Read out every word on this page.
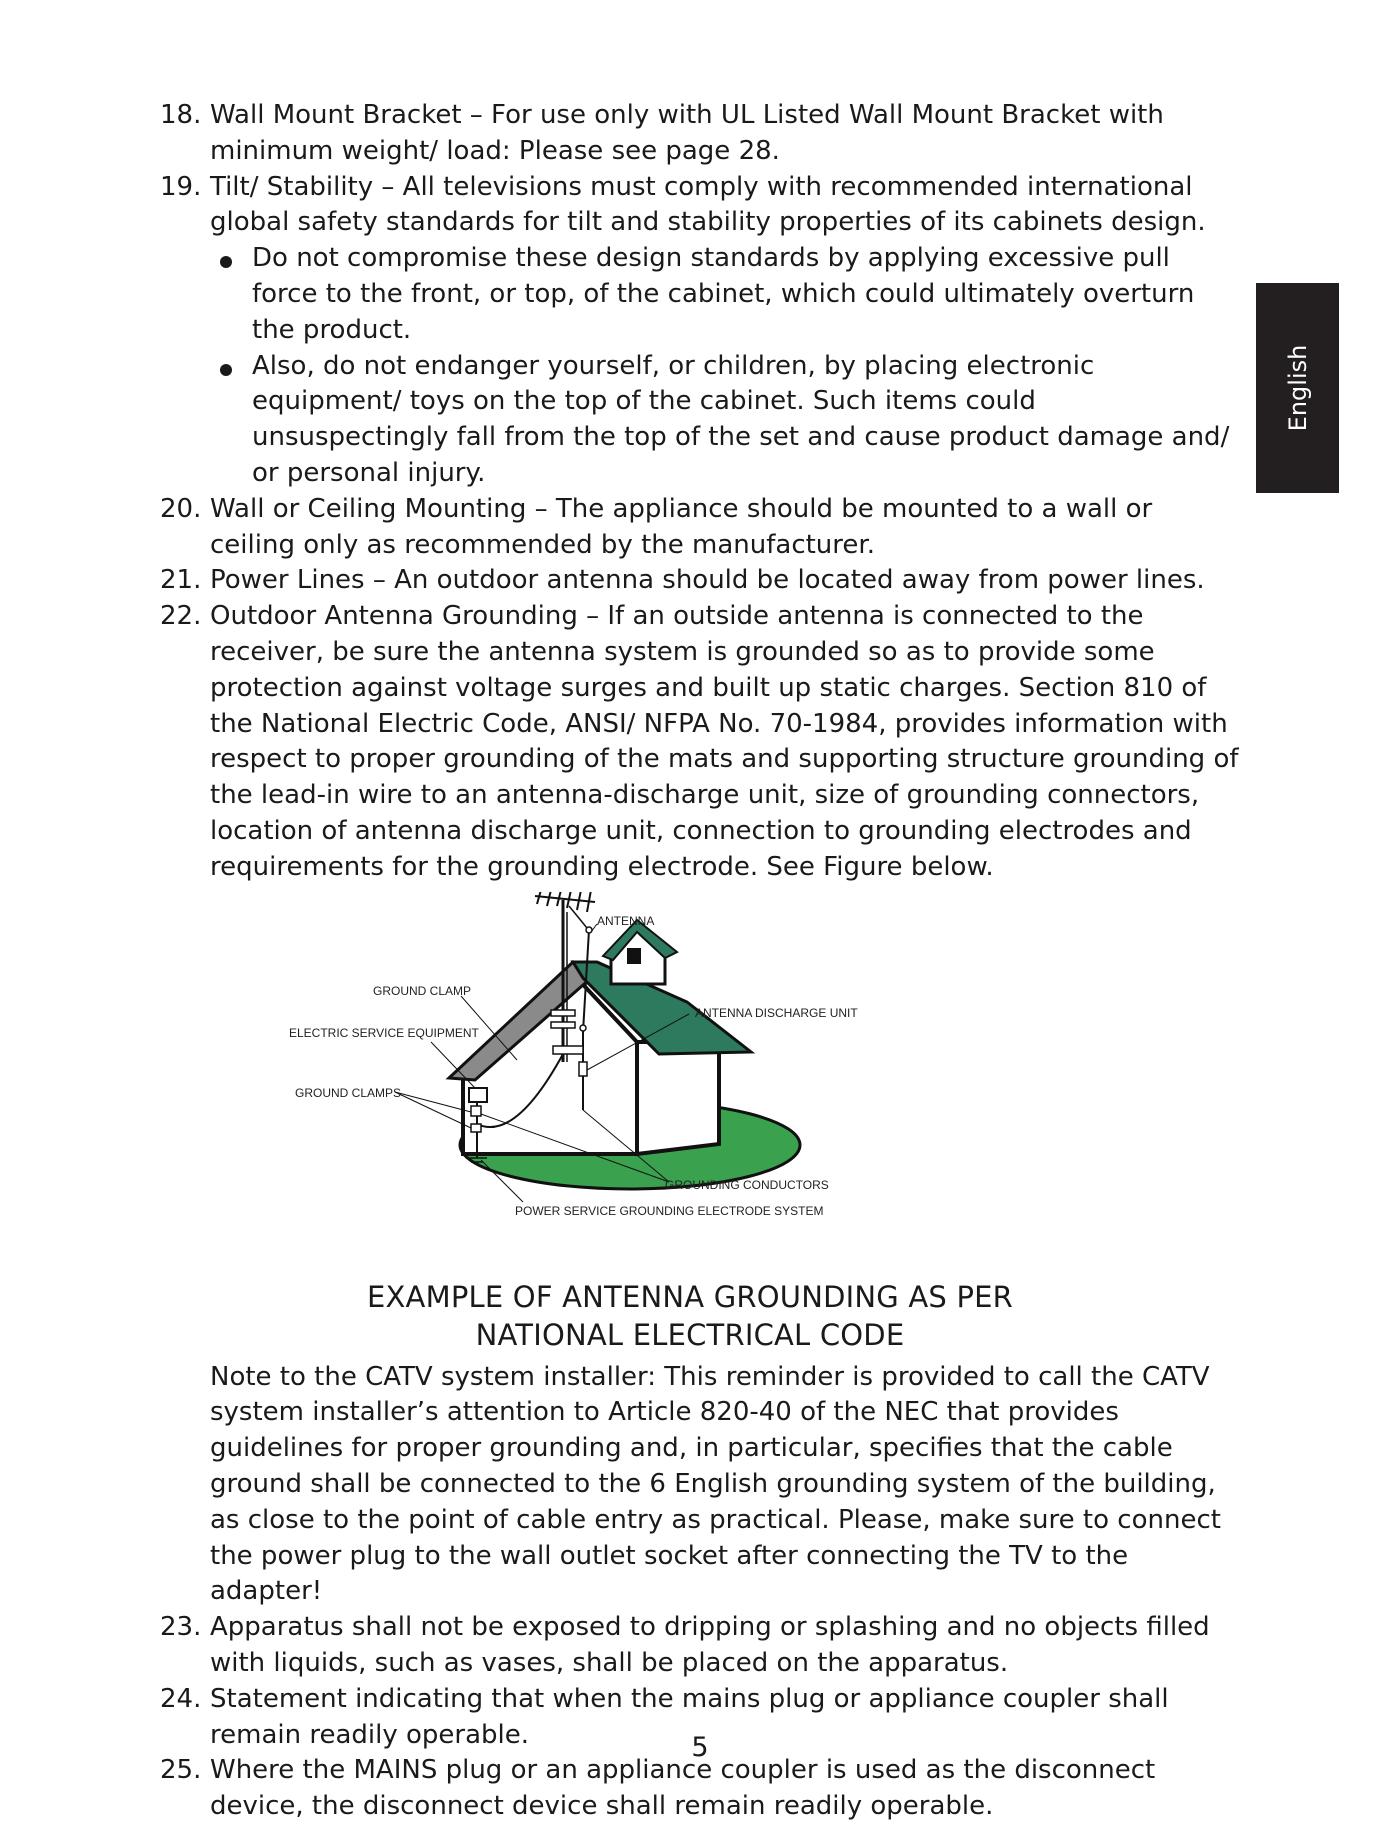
English
18. Wall Mount Bracket – For use only with UL Listed Wall Mount Bracket with minimum weight/ load: Please see page 28.
19. Tilt/ Stability – All televisions must comply with recommended international global safety standards for tilt and stability properties of its cabinets design.
Do not compromise these design standards by applying excessive pull force to the front, or top, of the cabinet, which could ultimately overturn the product.
Also, do not endanger yourself, or children, by placing electronic equipment/ toys on the top of the cabinet. Such items could unsuspectingly fall from the top of the set and cause product damage and/ or personal injury.
20. Wall or Ceiling Mounting – The appliance should be mounted to a wall or ceiling only as recommended by the manufacturer.
21. Power Lines – An outdoor antenna should be located away from power lines.
22. Outdoor Antenna Grounding – If an outside antenna is connected to the receiver, be sure the antenna system is grounded so as to provide some protection against voltage surges and built up static charges. Section 810 of the National Electric Code, ANSI/ NFPA No. 70-1984, provides information with respect to proper grounding of the mats and supporting structure grounding of the lead-in wire to an antenna-discharge unit, size of grounding connectors, location of antenna discharge unit, connection to grounding electrodes and requirements for the grounding electrode. See Figure below.
ANTENNA
GROUND CLAMP
ELECTRIC SERVICE EQUIPMENT
GROUND CLAMPS
ANTENNA DISCHARGE UNIT
GROUNDING CONDUCTORS
POWER SERVICE GROUNDING ELECTRODE SYSTEM
EXAMPLE OF ANTENNA GROUNDING AS PER
NATIONAL ELECTRICAL CODE
Note to the CATV system installer: This reminder is provided to call the CATV system installer’s attention to Article 820-40 of the NEC that provides guidelines for proper grounding and, in particular, specifies that the cable ground shall be connected to the 6 English grounding system of the building, as close to the point of cable entry as practical. Please, make sure to connect the power plug to the wall outlet socket after connecting the TV to the adapter!
23. Apparatus shall not be exposed to dripping or splashing and no objects filled with liquids, such as vases, shall be placed on the apparatus.
24. Statement indicating that when the mains plug or appliance coupler shall remain readily operable.
25. Where the MAINS plug or an appliance coupler is used as the disconnect device, the disconnect device shall remain readily operable.
5
